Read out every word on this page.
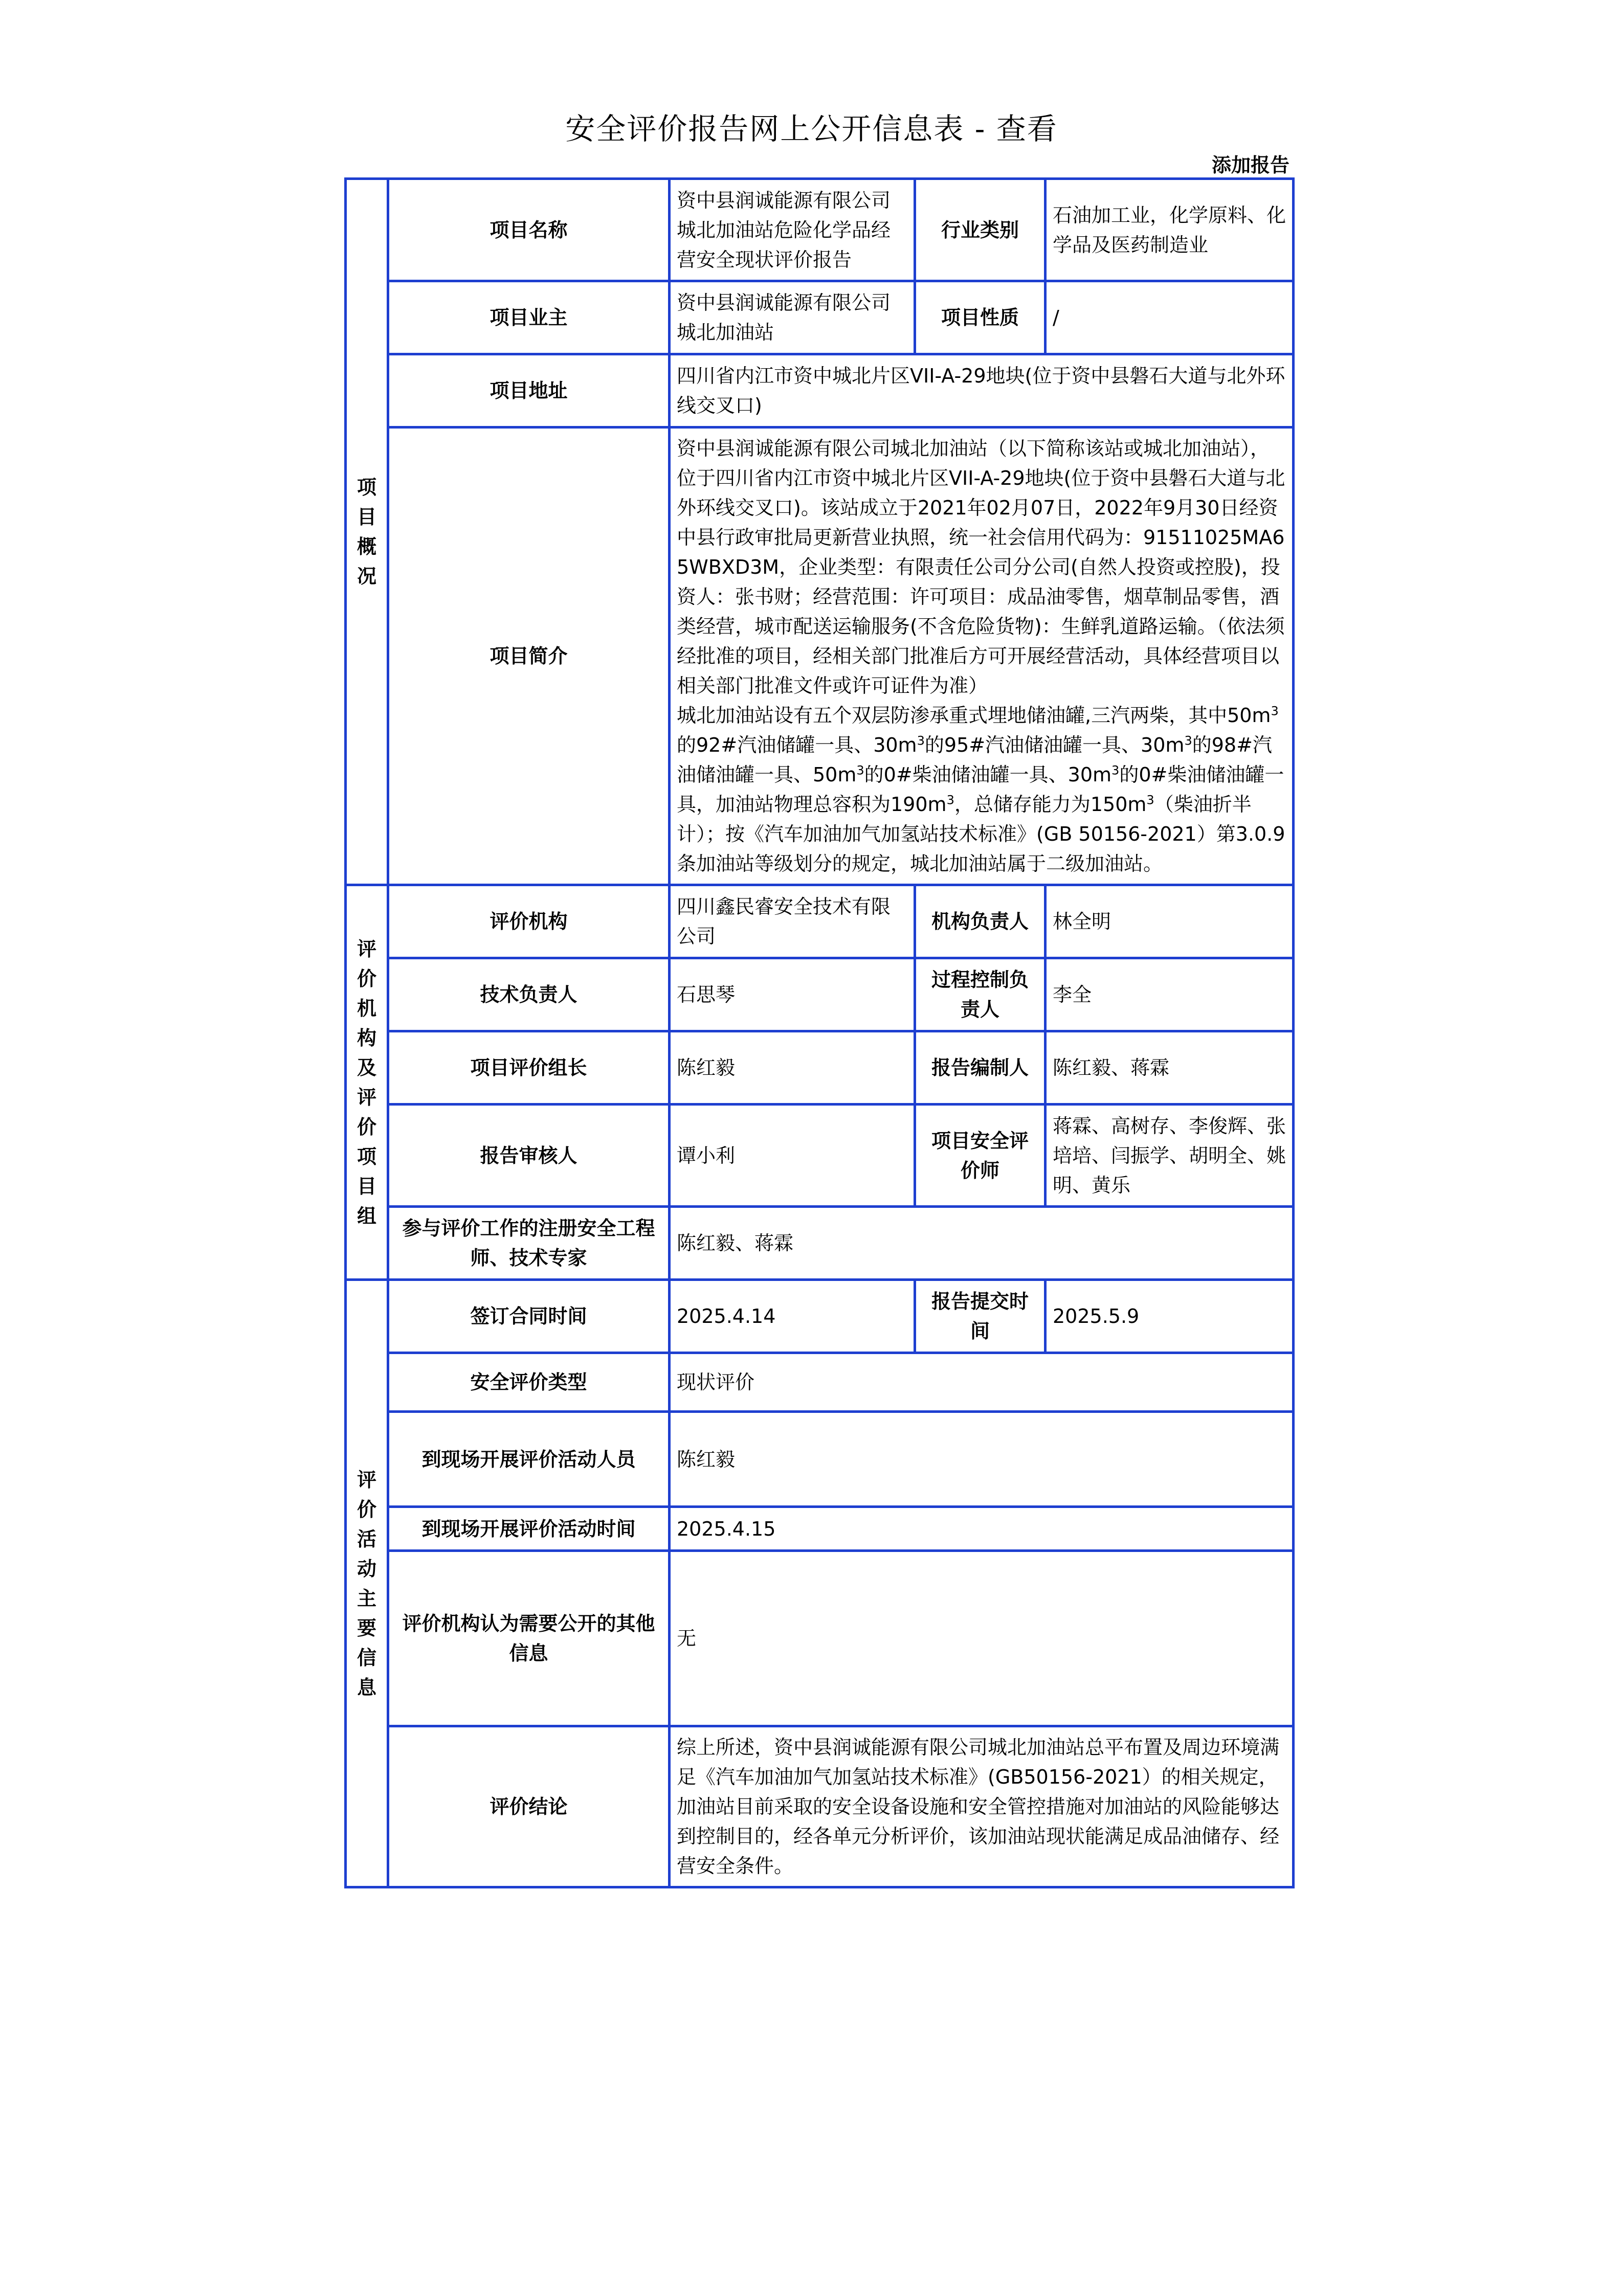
安全评价报告网上公开信息表 - 查看
添加报告
项目概况	项目名称	资中县润诚能源有限公司城北加油站危险化学品经营安全现状评价报告	行业类别	石油加工业，化学原料、化学品及医药制造业
	项目业主	资中县润诚能源有限公司城北加油站	项目性质	/
	项目地址	四川省内江市资中城北片区VII-A-29地块(位于资中县磐石大道与北外环线交叉口)		
	项目简介	资中县润诚能源有限公司城北加油站（以下简称该站或城北加油站），位于四川省内江市资中城北片区VII-A-29地块(位于资中县磐石大道与北外环线交叉口)。该站成立于2021年02月07日，2022年9月30日经资中县行政审批局更新营业执照，统一社会信用代码为：91511025MA65WBXD3M，企业类型：有限责任公司分公司(自然人投资或控股)，投资人：张书财；经营范围：许可项目：成品油零售，烟草制品零售，酒类经营，城市配送运输服务(不含危险货物)：生鲜乳道路运输。（依法须经批准的项目，经相关部门批准后方可开展经营活动，具体经营项目以相关部门批准文件或许可证件为准）
城北加油站设有五个双层防渗承重式埋地储油罐,三汽两柴，其中$50m^3$的92#汽油储罐一具、$30m^3$的95#汽油储油罐一具、$30m^3$的98#汽油储油罐一具、$50m^3$的0#柴油储油罐一具、$30m^3$的0#柴油储油罐一具，加油站物理总容积为$190m^3$，总储存能力为$150m^3$（柴油折半计）；按《汽车加油加气加氢站技术标准》(GB 50156-2021）第3.0.9条加油站等级划分的规定，城北加油站属于二级加油站。		

评价机构及评价项目组	评价机构	四川鑫民睿安全技术有限公司	机构负责人	林全明
	技术负责人	石思琴	过程控制负责人	李全
	项目评价组长	陈红毅	报告编制人	陈红毅、蒋霖
	报告审核人	谭小利	项目安全评价师	蒋霖、高树存、李俊辉、张培培、闫振学、胡明全、姚明、黄乐
	参与评价工作的注册安全工程师、技术专家	陈红毅、蒋霖		
评价活动主要信息	签订合同时间	2025.4.14	报告提交时间	2025.5.9
	安全评价类型	现状评价		
	到现场开展评价活动人员	陈红毅		
	到现场开展评价活动时间	2025.4.15		
	评价机构认为需要公开的其他信息	无		
	评价结论	综上所述，资中县润诚能源有限公司城北加油站总平布置及周边环境满足《汽车加油加气加氢站技术标准》(GB50156-2021）的相关规定，加油站目前采取的安全设备设施和安全管控措施对加油站的风险能够达到控制目的，经各单元分析评价，该加油站现状能满足成品油储存、经营安全条件。		
